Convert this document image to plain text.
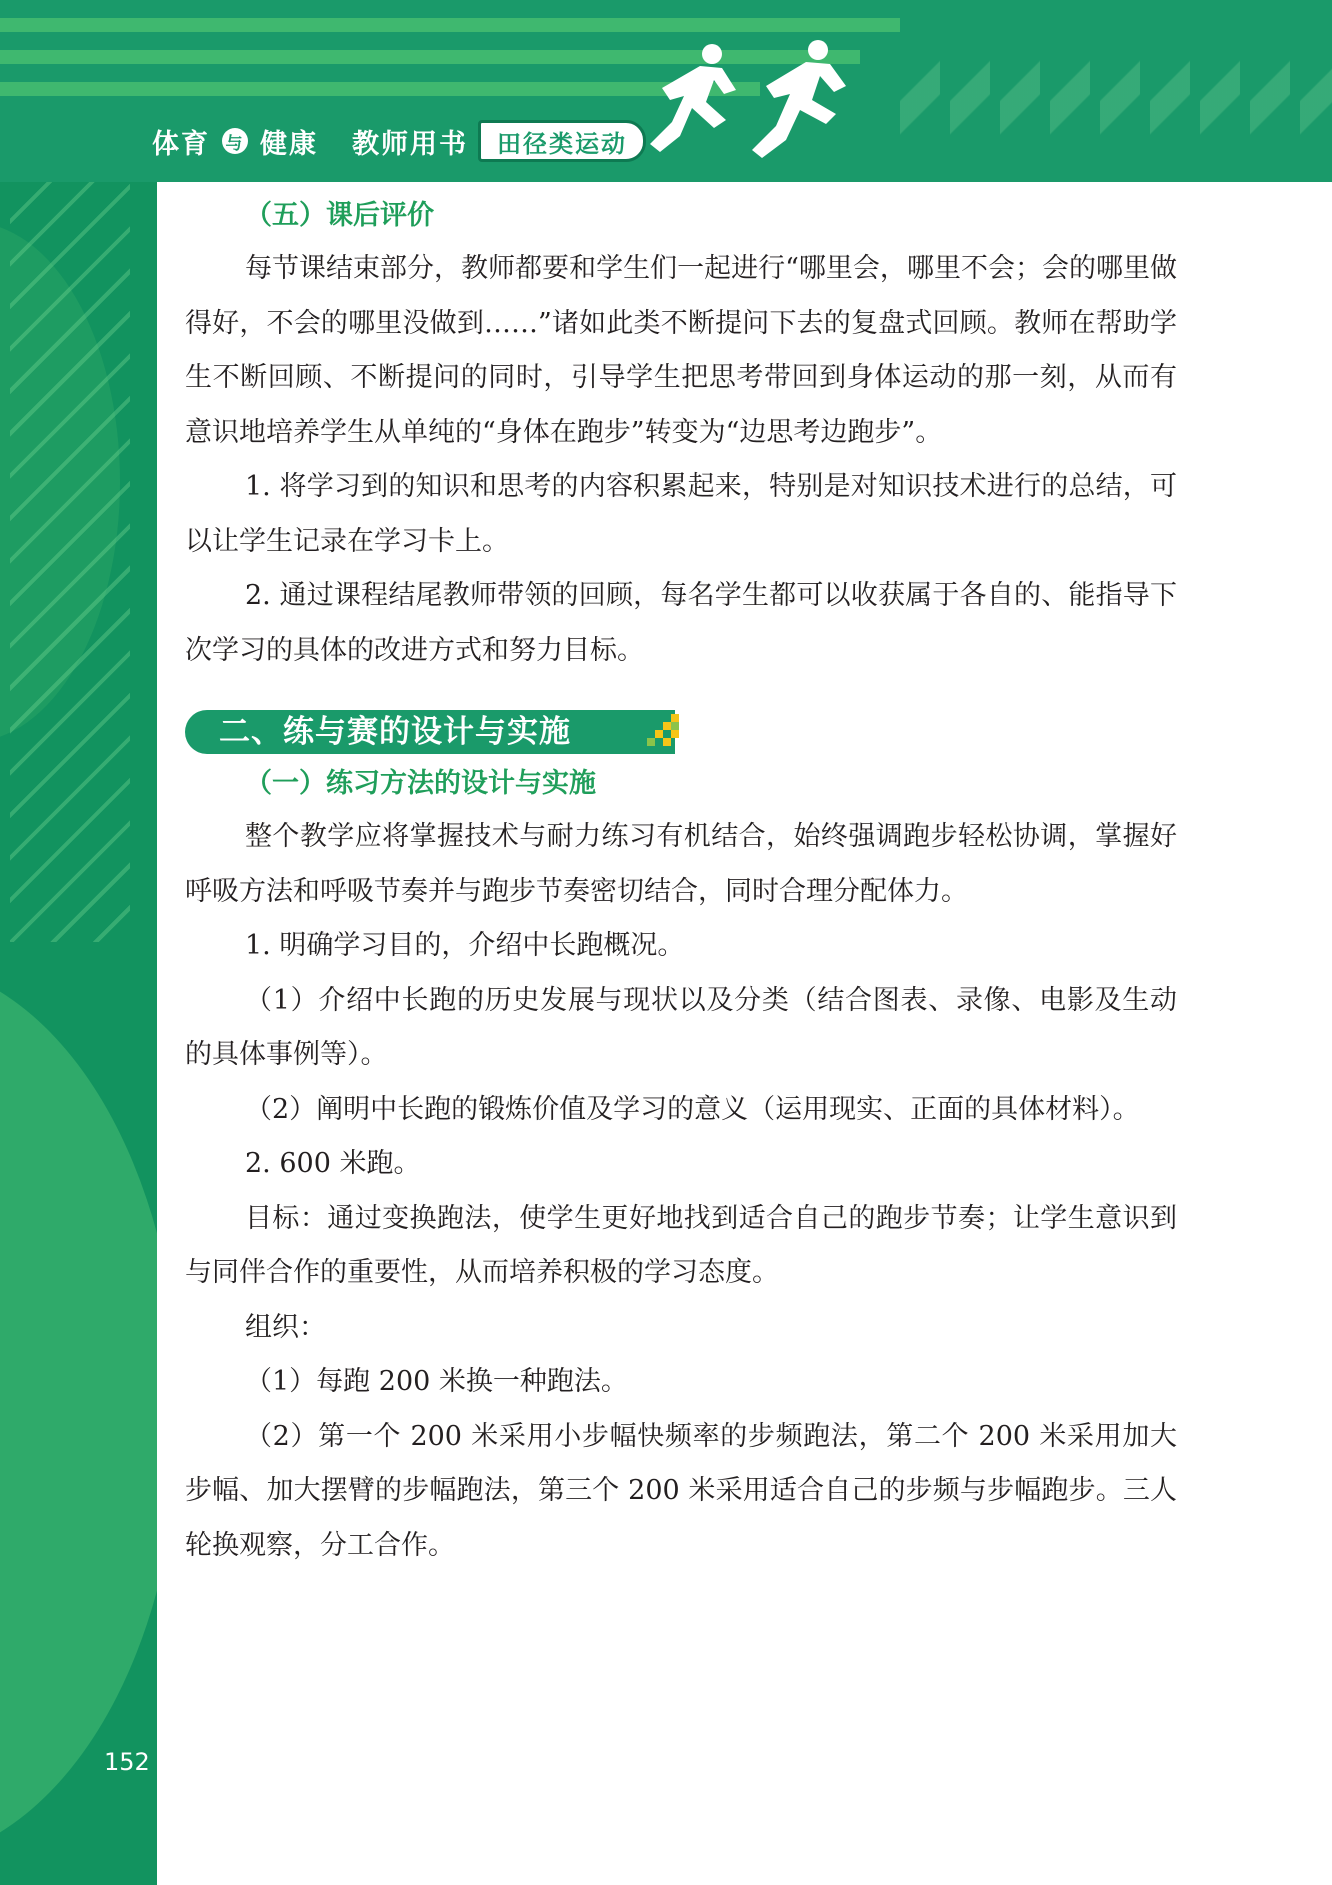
体育 与 健康 教师用书	田径类运动
152
（五）课后评价

每节课结束部分，教师都要和学生们一起进行“哪里会，哪里不会；会的哪里做得好，不会的哪里没做到……”诸如此类不断提问下去的复盘式回顾。教师在帮助学生不断回顾、不断提问的同时，引导学生把思考带回到身体运动的那一刻，从而有意识地培养学生从单纯的“身体在跑步”转变为“边思考边跑步”。

1. 将学习到的知识和思考的内容积累起来，特别是对知识技术进行的总结，可以让学生记录在学习卡上。

2. 通过课程结尾教师带领的回顾，每名学生都可以收获属于各自的、能指导下次学习的具体的改进方式和努力目标。

二、练与赛的设计与实施
（一）练习方法的设计与实施

整个教学应将掌握技术与耐力练习有机结合，始终强调跑步轻松协调，掌握好呼吸方法和呼吸节奏并与跑步节奏密切结合，同时合理分配体力。

1. 明确学习目的，介绍中长跑概况。

（1）介绍中长跑的历史发展与现状以及分类（结合图表、录像、电影及生动的具体事例等）。

（2）阐明中长跑的锻炼价值及学习的意义（运用现实、正面的具体材料）。

2. 600 米跑。

目标：通过变换跑法，使学生更好地找到适合自己的跑步节奏；让学生意识到与同伴合作的重要性，从而培养积极的学习态度。

组织：

（1）每跑 200 米换一种跑法。

（2）第一个 200 米采用小步幅快频率的步频跑法，第二个 200 米采用加大步幅、加大摆臂的步幅跑法，第三个 200 米采用适合自己的步频与步幅跑步。三人轮换观察，分工合作。
